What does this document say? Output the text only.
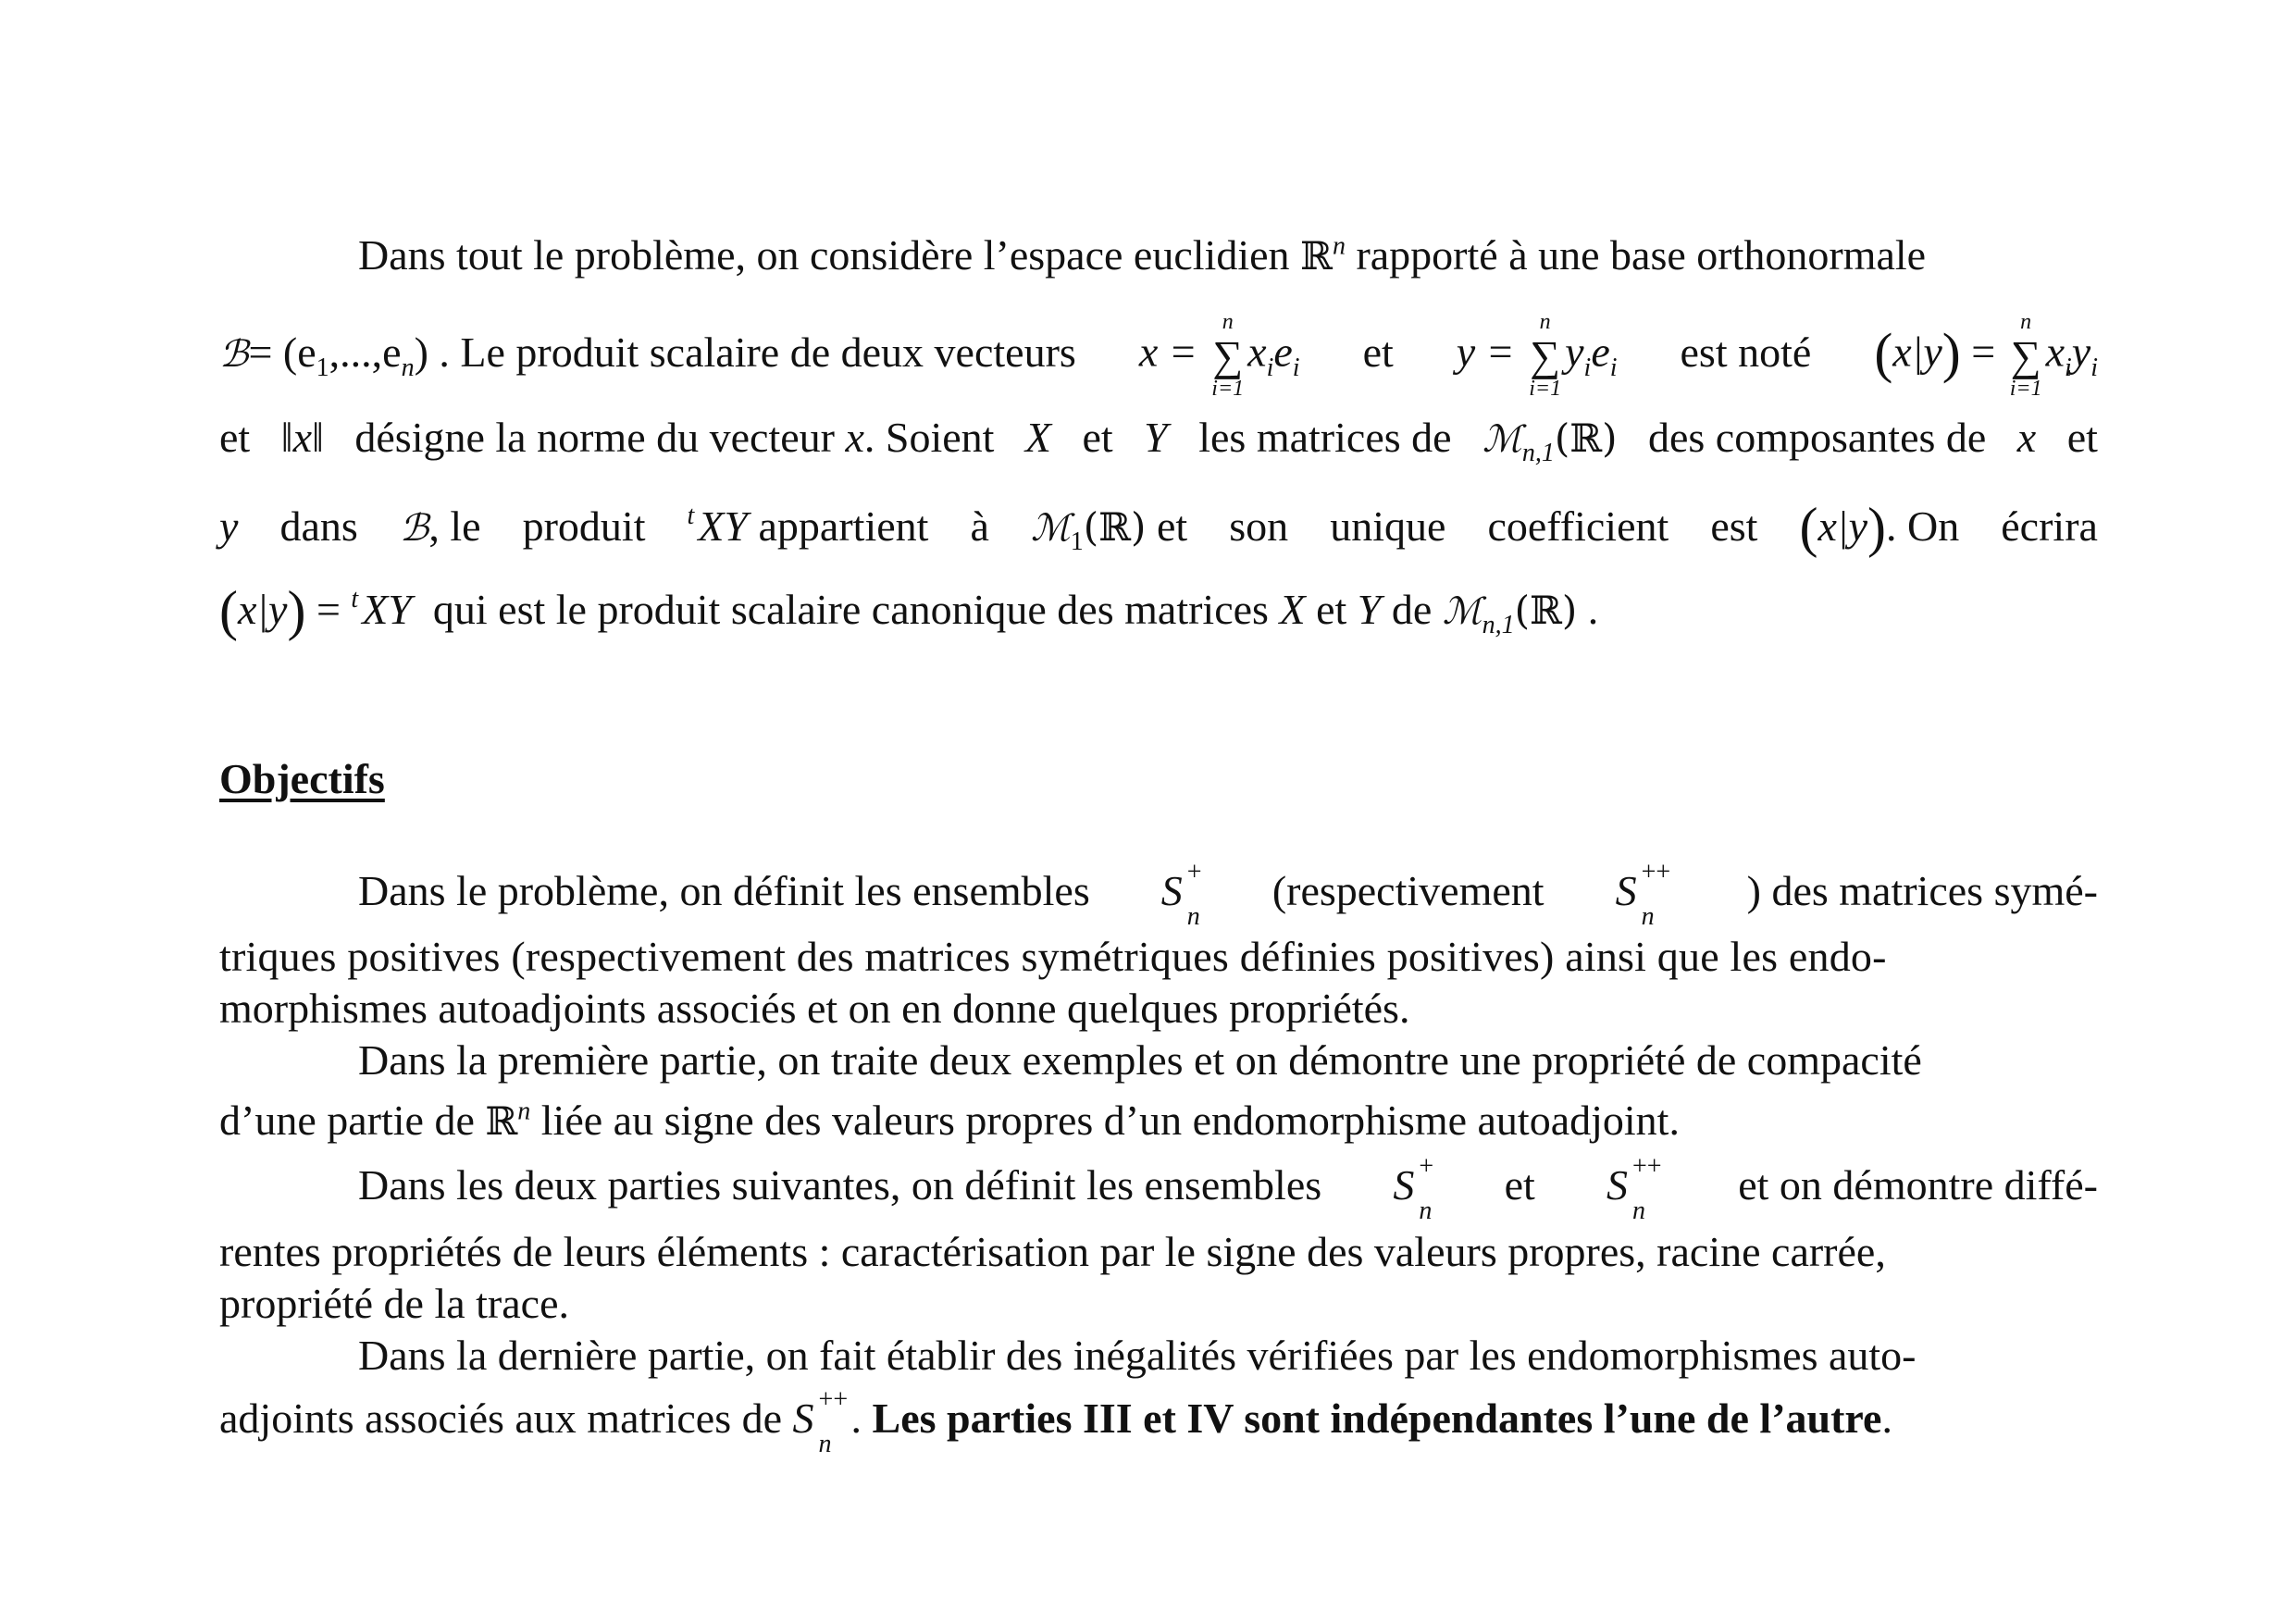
Dans tout le problème, on considère l’espace euclidien ℝ$^n$ rapporté à une base orthonormale
ℬ= $(e_1,...,e_n)$ . Le produit scalaire de deux vecteurs x =
n
∑
i=1
$x_ie_i$ et y =
n
∑
i=1
$y_ie_i$ est noté (x|y) =
n
∑
i=1
$x_iy_i$
et ‖x‖ désigne la norme du vecteur x. Soient X et Y les matrices de ℳ$_{n,1}$(ℝ) des composantes de x et
y dans ℬ, le produit $^t$XY appartient à ℳ$_1$(ℝ) et son unique coefficient est (x|y). On écrira
(x|y) = $^t$XY qui est le produit scalaire canonique des matrices X et Y de ℳ$_{n,1}$(ℝ) .
Objectifs
Dans le problème, on définit les ensembles S +
n
(respectivement S ++
n
) des matrices symé-
triques positives (respectivement des matrices symétriques définies positives) ainsi que les endo-
morphismes autoadjoints associés et on en donne quelques propriétés.
Dans la première partie, on traite deux exemples et on démontre une propriété de compacité
d’une partie de ℝ$^n$ liée au signe des valeurs propres d’un endomorphisme autoadjoint.
Dans les deux parties suivantes, on définit les ensembles S +
n
et S ++
n
et on démontre diffé-
rentes propriétés de leurs éléments : caractérisation par le signe des valeurs propres, racine carrée,
propriété de la trace.
Dans la dernière partie, on fait établir des inégalités vérifiées par les endomorphismes auto-
adjoints associés aux matrices de S ++
n
. Les parties III et IV sont indépendantes l’une de l’autre.
